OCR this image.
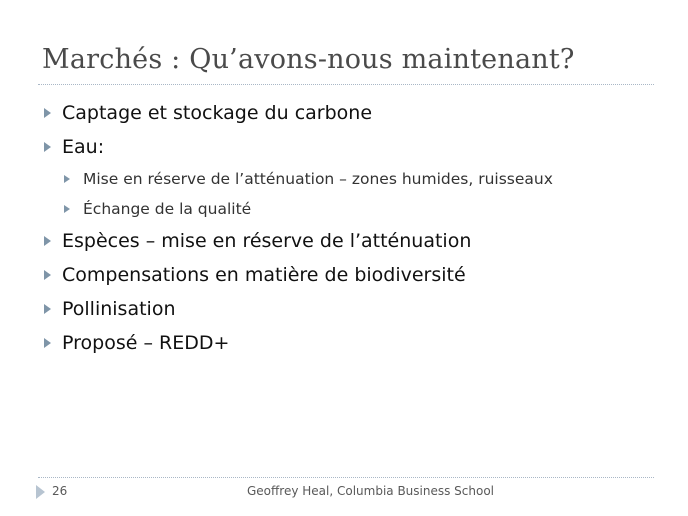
Marchés : Qu’avons-nous maintenant?
Captage et stockage du carbone
Eau:
Mise en réserve de l’atténuation – zones humides, ruisseaux
Échange de la qualité
Espèces – mise en réserve de l’atténuation
Compensations en matière de biodiversité
Pollinisation
Proposé – REDD+
26	Geoffrey Heal, Columbia Business School
